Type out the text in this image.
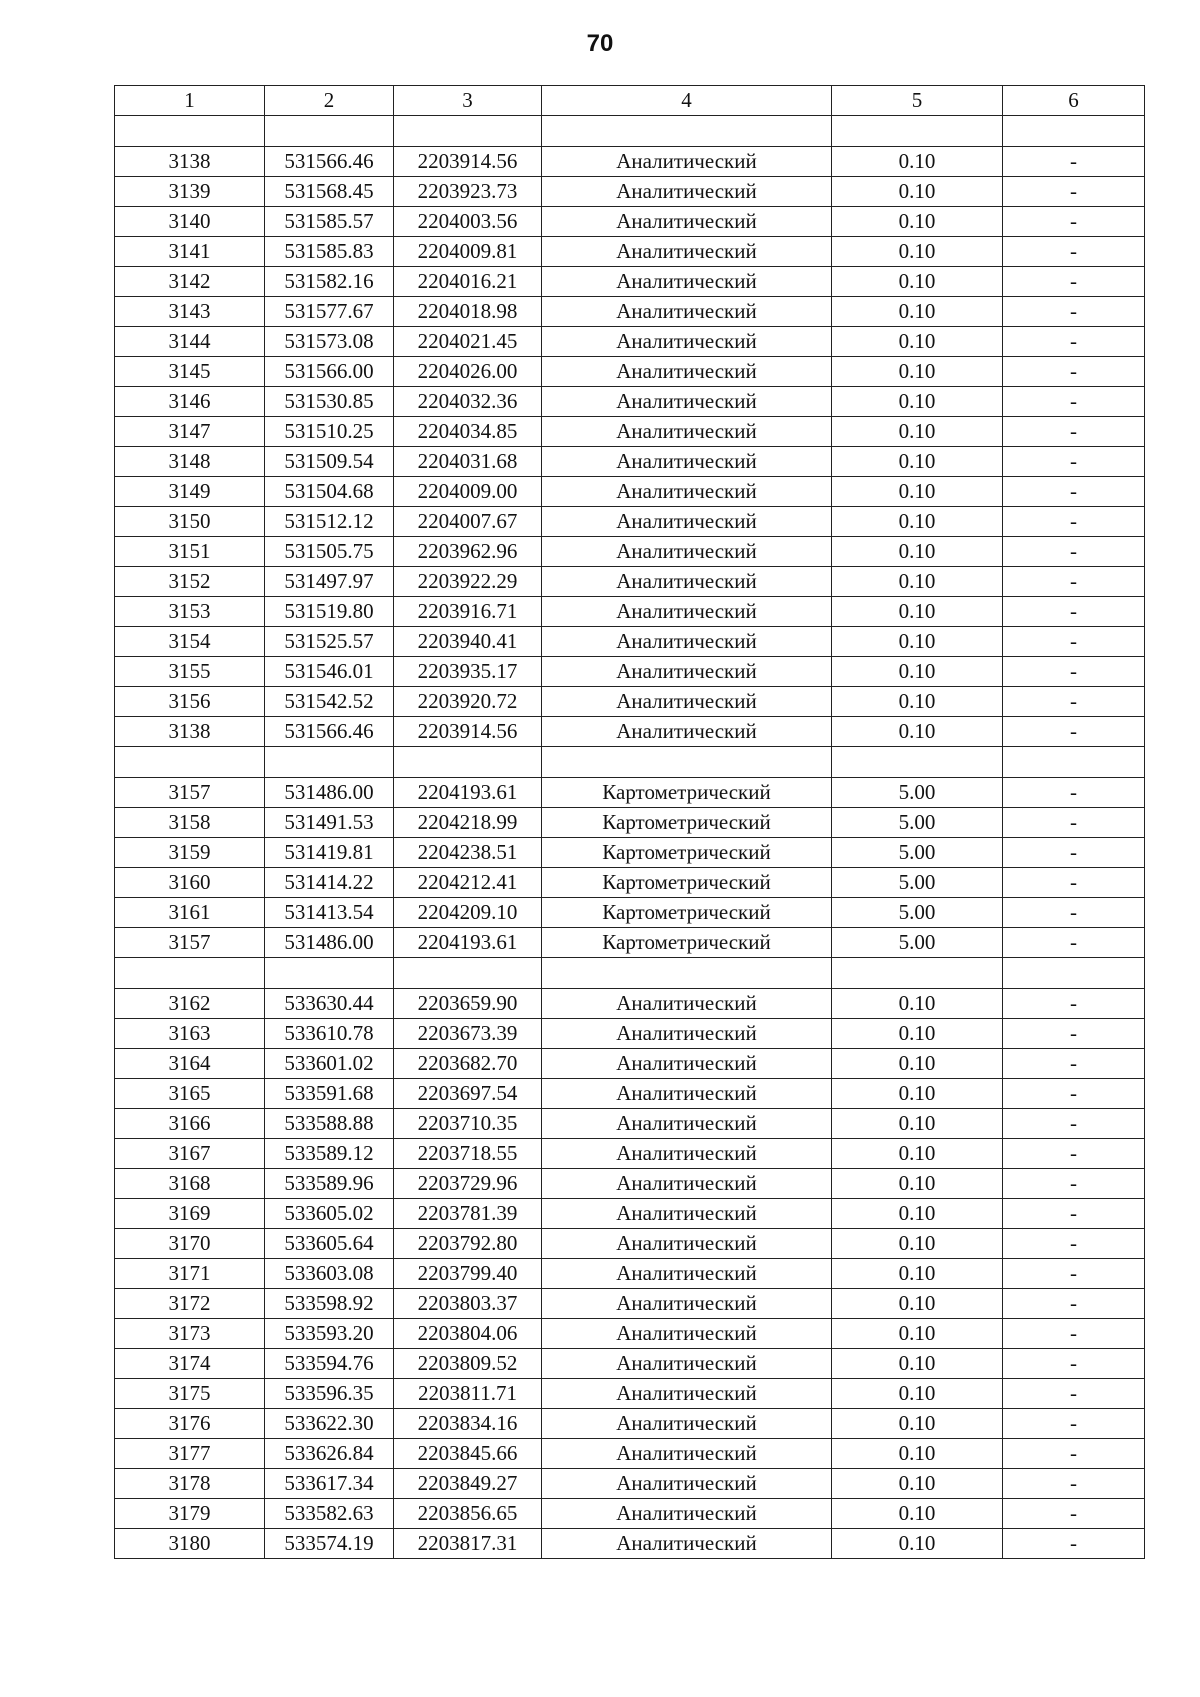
70
1	2	3	4	5	6

3138	531566.46	2203914.56	Аналитический	0.10	-
3139	531568.45	2203923.73	Аналитический	0.10	-
3140	531585.57	2204003.56	Аналитический	0.10	-
3141	531585.83	2204009.81	Аналитический	0.10	-
3142	531582.16	2204016.21	Аналитический	0.10	-
3143	531577.67	2204018.98	Аналитический	0.10	-
3144	531573.08	2204021.45	Аналитический	0.10	-
3145	531566.00	2204026.00	Аналитический	0.10	-
3146	531530.85	2204032.36	Аналитический	0.10	-
3147	531510.25	2204034.85	Аналитический	0.10	-
3148	531509.54	2204031.68	Аналитический	0.10	-
3149	531504.68	2204009.00	Аналитический	0.10	-
3150	531512.12	2204007.67	Аналитический	0.10	-
3151	531505.75	2203962.96	Аналитический	0.10	-
3152	531497.97	2203922.29	Аналитический	0.10	-
3153	531519.80	2203916.71	Аналитический	0.10	-
3154	531525.57	2203940.41	Аналитический	0.10	-
3155	531546.01	2203935.17	Аналитический	0.10	-
3156	531542.52	2203920.72	Аналитический	0.10	-
3138	531566.46	2203914.56	Аналитический	0.10	-

3157	531486.00	2204193.61	Картометрический	5.00	-
3158	531491.53	2204218.99	Картометрический	5.00	-
3159	531419.81	2204238.51	Картометрический	5.00	-
3160	531414.22	2204212.41	Картометрический	5.00	-
3161	531413.54	2204209.10	Картометрический	5.00	-
3157	531486.00	2204193.61	Картометрический	5.00	-

3162	533630.44	2203659.90	Аналитический	0.10	-
3163	533610.78	2203673.39	Аналитический	0.10	-
3164	533601.02	2203682.70	Аналитический	0.10	-
3165	533591.68	2203697.54	Аналитический	0.10	-
3166	533588.88	2203710.35	Аналитический	0.10	-
3167	533589.12	2203718.55	Аналитический	0.10	-
3168	533589.96	2203729.96	Аналитический	0.10	-
3169	533605.02	2203781.39	Аналитический	0.10	-
3170	533605.64	2203792.80	Аналитический	0.10	-
3171	533603.08	2203799.40	Аналитический	0.10	-
3172	533598.92	2203803.37	Аналитический	0.10	-
3173	533593.20	2203804.06	Аналитический	0.10	-
3174	533594.76	2203809.52	Аналитический	0.10	-
3175	533596.35	2203811.71	Аналитический	0.10	-
3176	533622.30	2203834.16	Аналитический	0.10	-
3177	533626.84	2203845.66	Аналитический	0.10	-
3178	533617.34	2203849.27	Аналитический	0.10	-
3179	533582.63	2203856.65	Аналитический	0.10	-
3180	533574.19	2203817.31	Аналитический	0.10	-
